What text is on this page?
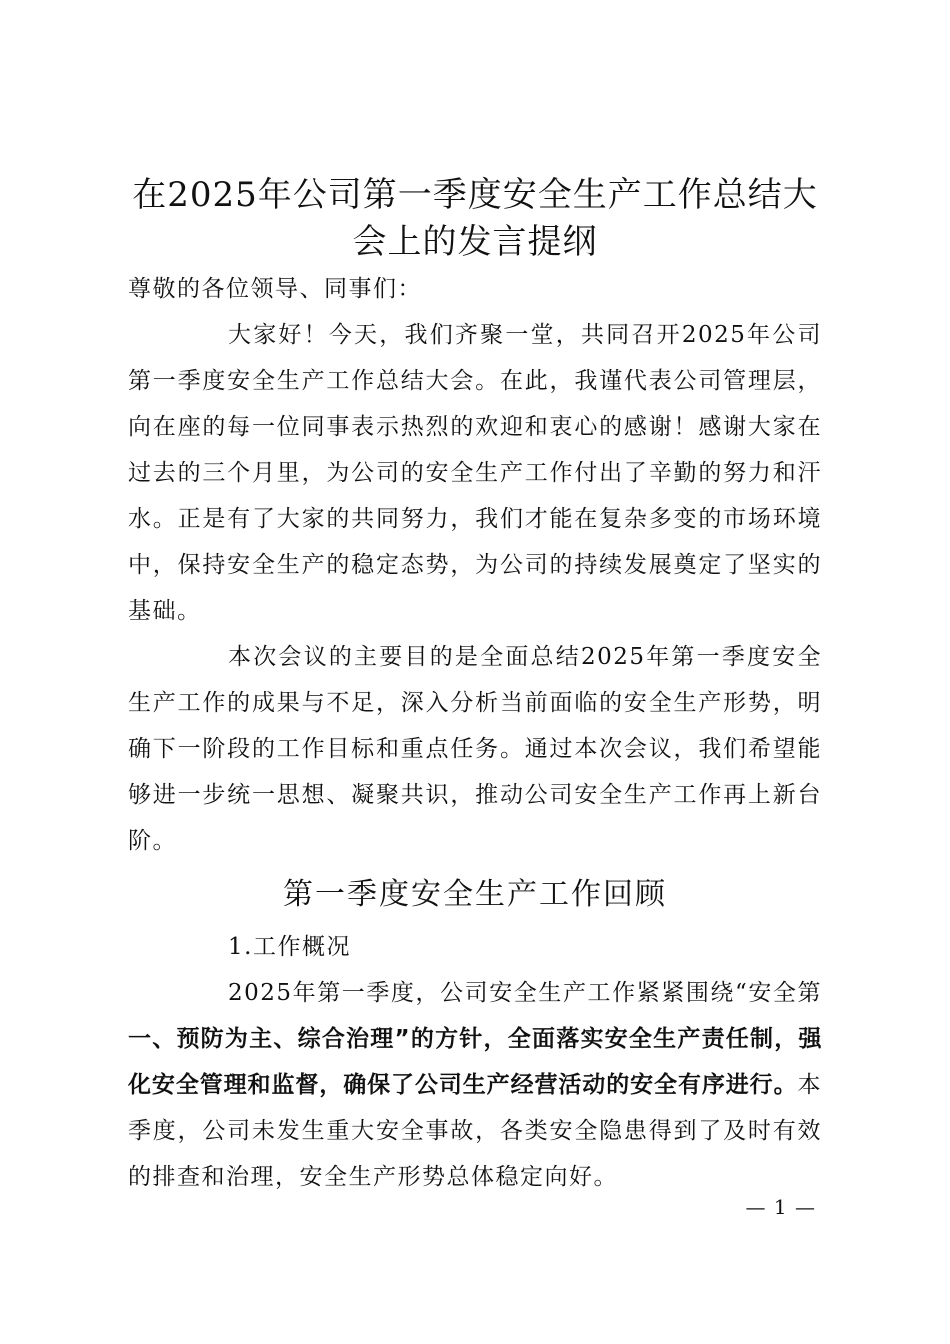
在2025年公司第一季度安全生产工作总结大会上的发言提纲

尊敬的各位领导、同事们：

大家好！今天，我们齐聚一堂，共同召开2025年公司第一季度安全生产工作总结大会。在此，我谨代表公司管理层，向在座的每一位同事表示热烈的欢迎和衷心的感谢！感谢大家在过去的三个月里，为公司的安全生产工作付出了辛勤的努力和汗水。正是有了大家的共同努力，我们才能在复杂多变的市场环境中，保持安全生产的稳定态势，为公司的持续发展奠定了坚实的基础。

本次会议的主要目的是全面总结2025年第一季度安全生产工作的成果与不足，深入分析当前面临的安全生产形势，明确下一阶段的工作目标和重点任务。通过本次会议，我们希望能够进一步统一思想、凝聚共识，推动公司安全生产工作再上新台阶。

第一季度安全生产工作回顾

1.工作概况

2025年第一季度，公司安全生产工作紧紧围绕“安全第一、预防为主、综合治理”的方针，全面落实安全生产责任制，强化安全管理和监督，确保了公司生产经营活动的安全有序进行。本季度，公司未发生重大安全事故，各类安全隐患得到了及时有效的排查和治理，安全生产形势总体稳定向好。

— 1 —
